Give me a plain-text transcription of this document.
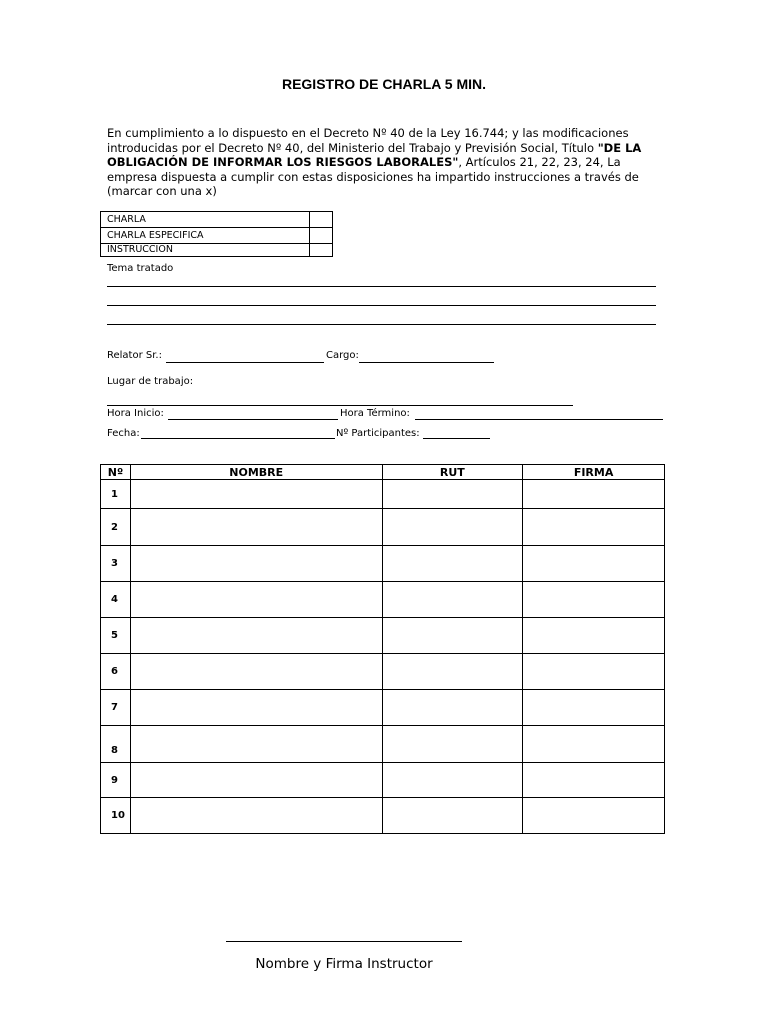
REGISTRO DE CHARLA 5 MIN.
En cumplimiento a lo dispuesto en el Decreto Nº 40 de la Ley 16.744; y las modificaciones introducidas por el Decreto Nº 40, del Ministerio del Trabajo y Previsión Social, Título "DE LA OBLIGACIÓN DE INFORMAR LOS RIESGOS LABORALES", Artículos 21, 22, 23, 24, La empresa dispuesta a cumplir con estas disposiciones ha impartido instrucciones a través de (marcar con una x)
CHARLA	
CHARLA ESPECIFICA	
INSTRUCCIÓN	
Tema tratado
Relator Sr.:	Cargo:
Lugar de trabajo:
Hora Inicio:	Hora Término:
Fecha:	Nº Participantes:
Nº	NOMBRE	RUT	FIRMA
1			
2			
3			
4			
5			
6			
7			
8			
9			
10			
Nombre y Firma Instructor
